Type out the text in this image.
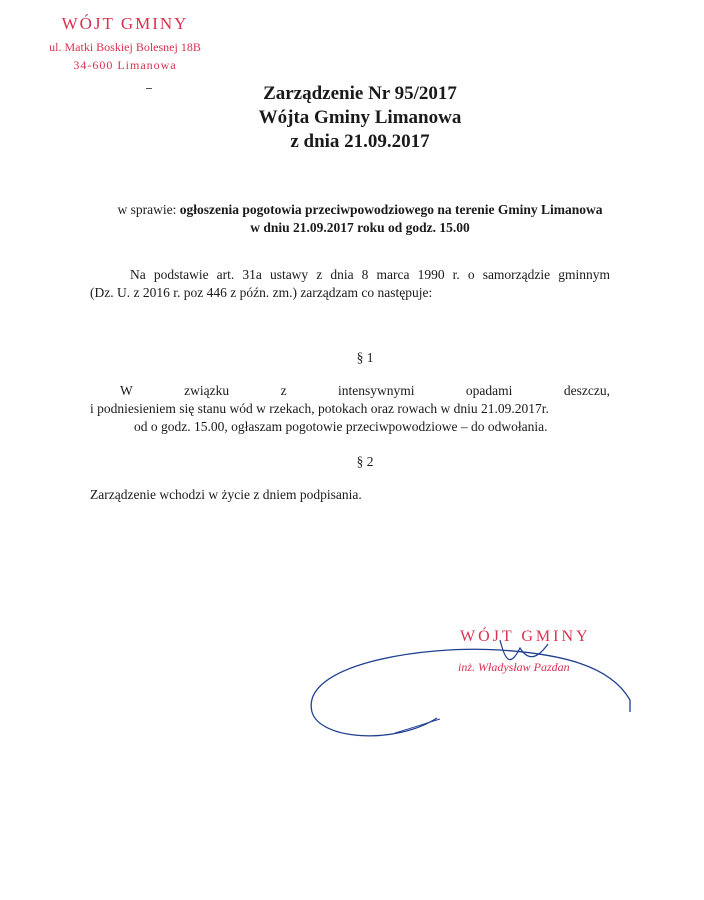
WÓJT GMINY
ul. Matki Boskiej Bolesnej 18B
34-600 Limanowa
Zarządzenie Nr 95/2017
Wójta Gminy Limanowa
z dnia 21.09.2017
w sprawie: ogłoszenia pogotowia przeciwpowodziowego na terenie Gminy Limanowa
w dniu 21.09.2017 roku od godz. 15.00
Na podstawie art. 31a ustawy z dnia 8 marca 1990 r. o samorządzie gminnym
(Dz. U. z 2016 r. poz 446 z późn. zm.) zarządzam co następuje:
§ 1
W	związku	z	intensywnymi	opadami	deszczu,
i podniesieniem się stanu wód w rzekach, potokach oraz rowach w dniu 21.09.2017r.
od o godz. 15.00, ogłaszam pogotowie przeciwpowodziowe – do odwołania.
§ 2
Zarządzenie wchodzi w życie z dniem podpisania.
WÓJT GMINY
inż. Władysław Pazdan
